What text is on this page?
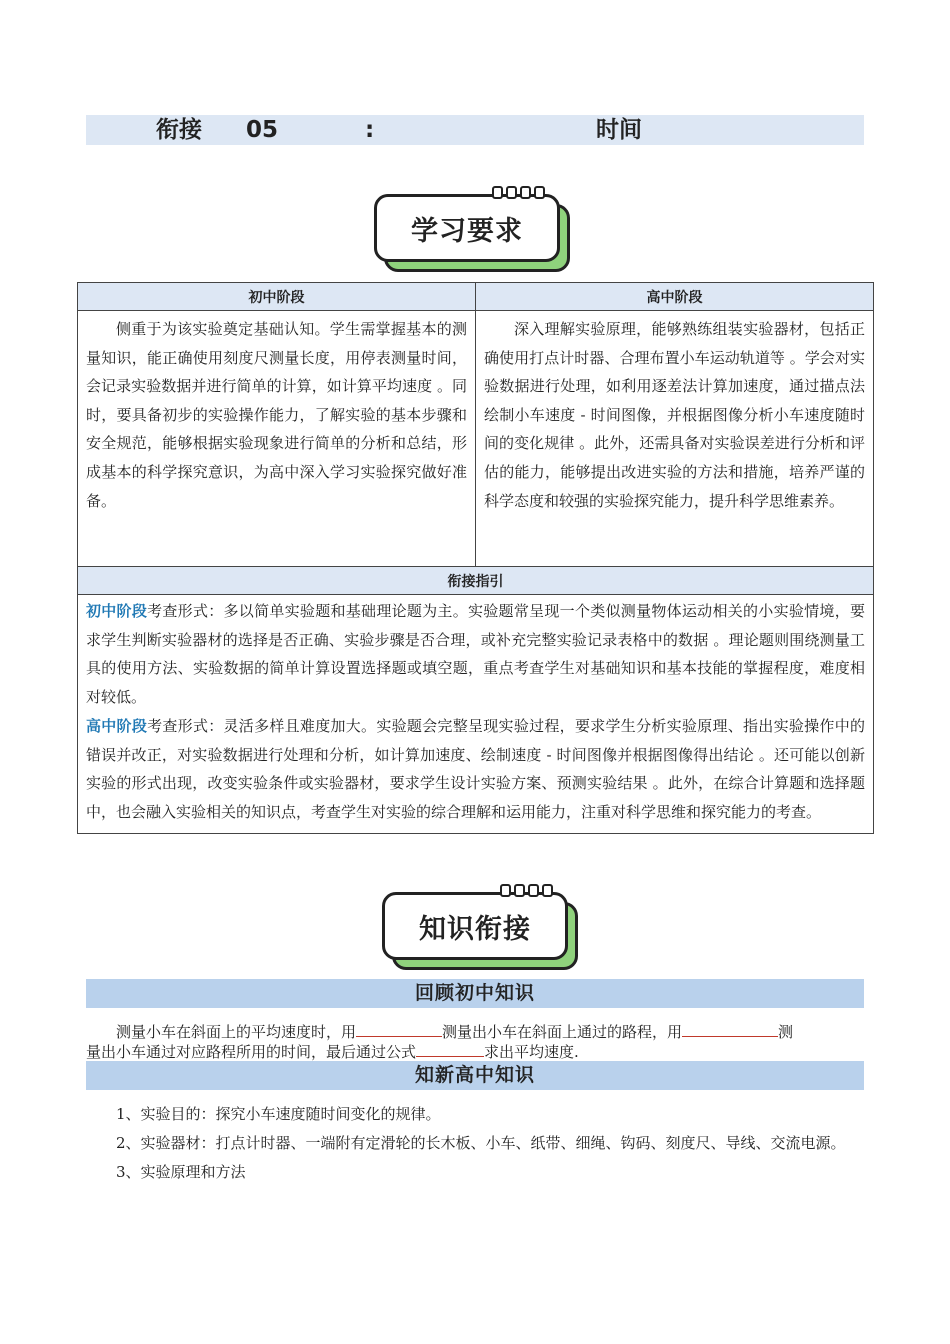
衔接 05	:	时间
学习要求
初中阶段	高中阶段
侧重于为该实验奠定基础认知。学生需掌握基本的测量知识，能正确使用刻度尺测量长度，用停表测量时间，会记录实验数据并进行简单的计算，如计算平均速度 。同时，要具备初步的实验操作能力，了解实验的基本步骤和安全规范，能够根据实验现象进行简单的分析和总结，形成基本的科学探究意识，为高中深入学习实验探究做好准备。	深入理解实验原理，能够熟练组装实验器材，包括正确使用打点计时器、合理布置小车运动轨道等 。学会对实验数据进行处理，如利用逐差法计算加速度，通过描点法绘制小车速度 - 时间图像，并根据图像分析小车速度随时间的变化规律 。此外，还需具备对实验误差进行分析和评估的能力，能够提出改进实验的方法和措施，培养严谨的科学态度和较强的实验探究能力，提升科学思维素养。
衔接指引	

初中阶段考查形式：多以简单实验题和基础理论题为主。实验题常呈现一个类似测量物体运动相关的小实验情境，要求学生判断实验器材的选择是否正确、实验步骤是否合理，或补充完整实验记录表格中的数据 。理论题则围绕测量工具的使用方法、实验数据的简单计算设置选择题或填空题，重点考查学生对基础知识和基本技能的掌握程度，难度相对较低。
高中阶段考查形式：灵活多样且难度加大。实验题会完整呈现实验过程，要求学生分析实验原理、指出实验操作中的错误并改正，对实验数据进行处理和分析，如计算加速度、绘制速度 - 时间图像并根据图像得出结论 。还可能以创新实验的形式出现，改变实验条件或实验器材，要求学生设计实验方案、预测实验结果 。此外，在综合计算题和选择题中，也会融入实验相关的知识点，考查学生对实验的综合理解和运用能力，注重对科学思维和探究能力的考查。	
知识衔接
回顾初中知识
测量小车在斜面上的平均速度时，用	测量出小车在斜面上通过的路程，用	测
量出小车通过对应路程所用的时间，最后通过公式	求出平均速度.
知新高中知识
1、实验目的：探究小车速度随时间变化的规律。
2、实验器材：打点计时器、一端附有定滑轮的长木板、小车、纸带、细绳、钩码、刻度尺、导线、交流电源。
3、实验原理和方法
